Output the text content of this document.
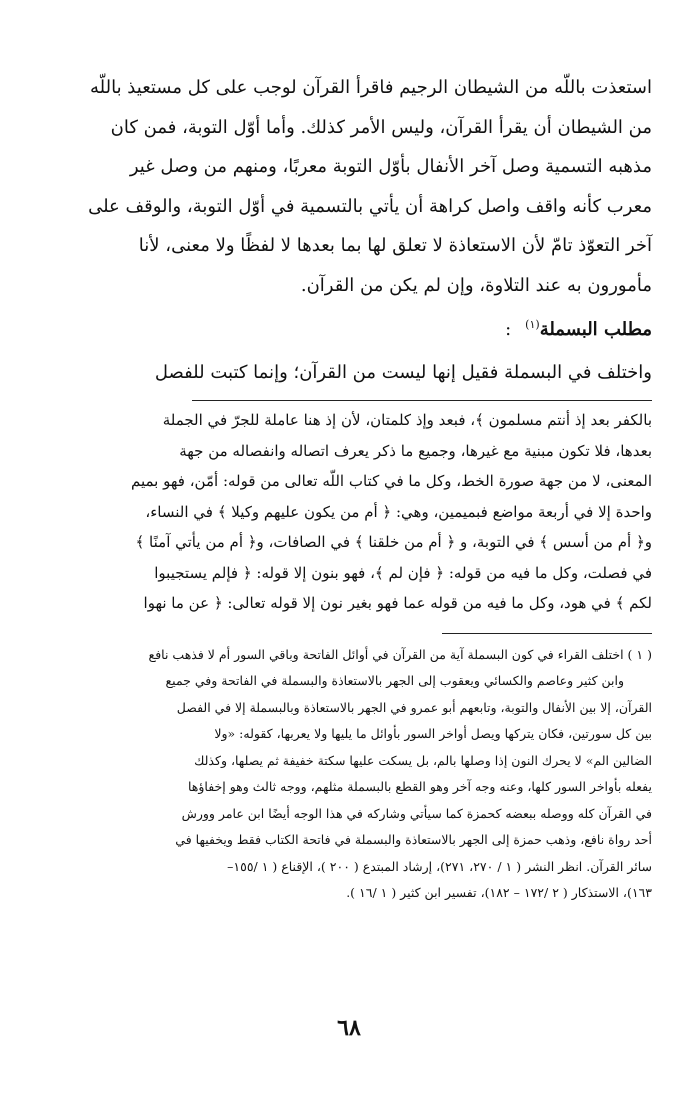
استعذت باللّه من الشيطان الرجيم فاقرأ القرآن لوجب على كل مستعيذ باللّه

من الشيطان أن يقرأ القرآن، وليس الأمر كذلك. وأما أوّل التوبة، فمن كان

مذهبه التسمية وصل آخر الأنفال بأوّل التوبة معربًا، ومنهم من وصل غير

معرب كأنه واقف واصل كراهة أن يأتي بالتسمية في أوّل التوبة، والوقف على

آخر التعوّذ تامّ لأن الاستعاذة لا تعلق لها بما بعدها لا لفظًا ولا معنى، لأنا

مأمورون به عند التلاوة، وإن لم يكن من القرآن.

مطلب البسملة$^{(١)}$
:

واختلف في البسملة فقيل إنها ليست من القرآن؛ وإنما كتبت للفصل

بالكفر بعد إذ أنتم مسلمون ﴾، فبعد وإذ كلمتان، لأن إذ هنا عاملة للجرّ في الجملة

بعدها، فلا تكون مبنية مع غيرها، وجميع ما ذكر يعرف اتصاله وانفصاله من جهة

المعنى، لا من جهة صورة الخط، وكل ما في كتاب اللّه تعالى من قوله: أمّن، فهو بميم

واحدة إلا في أربعة مواضع فبميمين، وهي: ﴿ أم من يكون عليهم وكيلا ﴾ في النساء،

و﴿ أم من أسس ﴾ في التوبة، و ﴿ أم من خلقنا ﴾ في الصافات، و﴿ أم من يأتي آمنًا ﴾

في فصلت، وكل ما فيه من قوله: ﴿ فإن لم ﴾، فهو بنون إلا قوله: ﴿ فإلم يستجيبوا

لكم ﴾ في هود، وكل ما فيه من قوله عما فهو بغير نون إلا قوله تعالى: ﴿ عن ما نهوا

( ١ ) اختلف القراء في كون البسملة آية من القرآن في أوائل الفاتحة وباقي السور أم لا فذهب نافع

وابن كثير وعاصم والكسائي ويعقوب إلى الجهر بالاستعاذة والبسملة في الفاتحة وفي جميع

القرآن، إلا بين الأنفال والتوبة، وتابعهم أبو عمرو في الجهر بالاستعاذة وبالبسملة إلا في الفصل

بين كل سورتين، فكان يتركها ويصل أواخر السور بأوائل ما يليها ولا يعربها، كقوله: «ولا

الضالين الم» لا يحرك النون إذا وصلها بالم، بل يسكت عليها سكتة خفيفة ثم يصلها، وكذلك

يفعله بأواخر السور كلها، وعنه وجه آخر وهو القطع بالبسملة مثلهم، ووجه ثالث وهو إخفاؤها

في القرآن كله ووصله ببعضه كحمزة كما سيأتي وشاركه في هذا الوجه أيضًا ابن عامر وورش

أحد رواة نافع، وذهب حمزة إلى الجهر بالاستعاذة والبسملة في فاتحة الكتاب فقط ويخفيها في

سائر القرآن. انظر النشر ( ١ / ٢٧٠، ٢٧١)، إرشاد المبتدع ( ٢٠٠ )، الإقناع ( ١ /١٥٥–

١٦٣)، الاستذكار ( ٢ /١٧٢ – ١٨٢)، تفسير ابن كثير ( ١ /١٦ ).

٦٨
